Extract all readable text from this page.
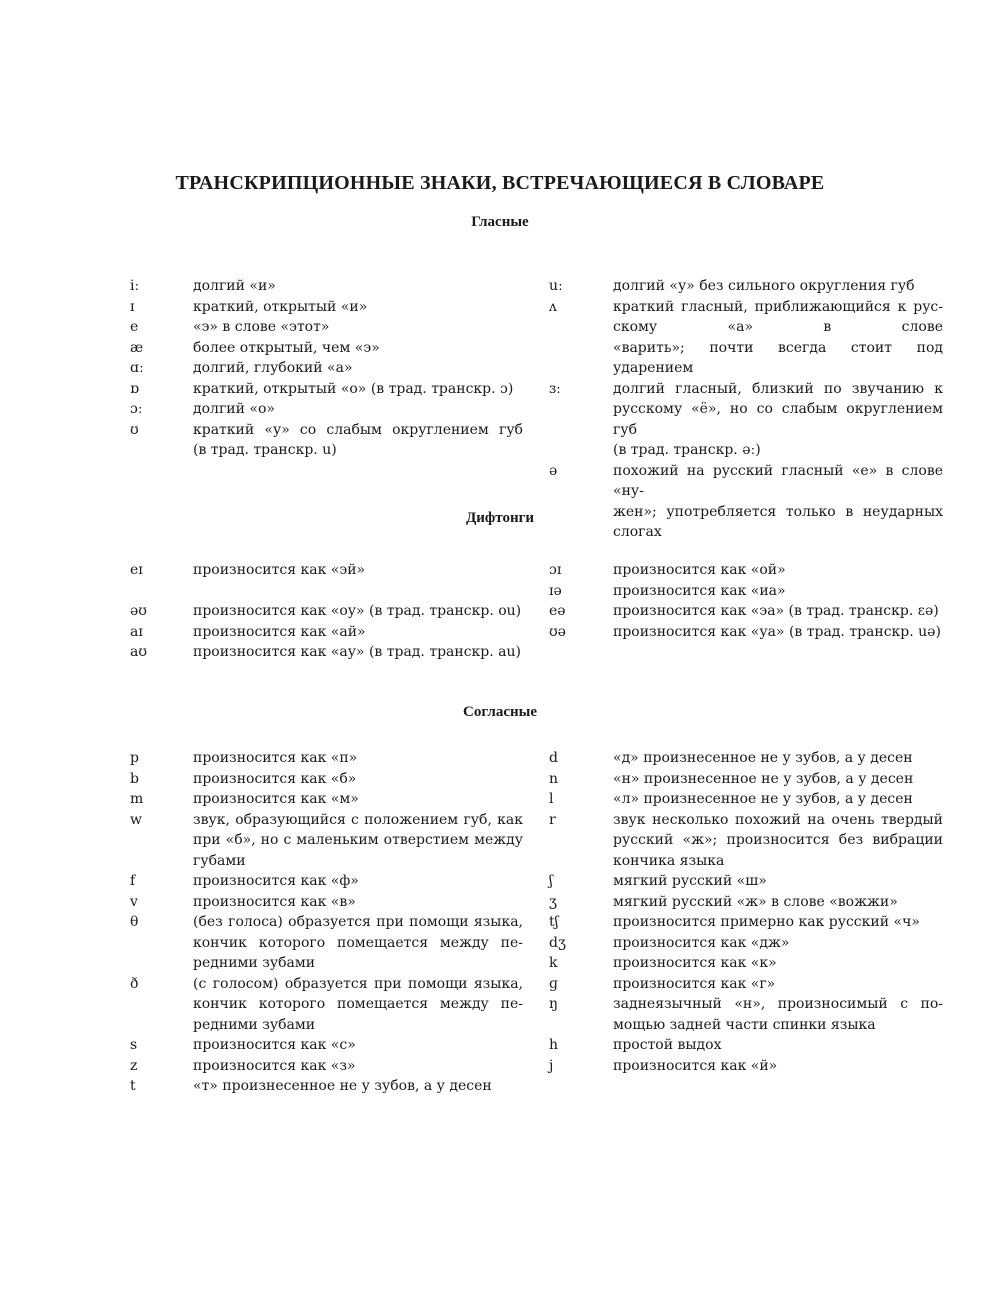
ТРАНСКРИПЦИОННЫЕ ЗНАКИ, ВСТРЕЧАЮЩИЕСЯ В СЛОВАРЕ
Гласные
iː	долгий «и»
ɪ	краткий, открытый «и»
e	«э» в слове «этот»
æ	более открытый, чем «э»
ɑː	долгий, глубокий «а»
ɒ	краткий, открытый «о» (в трад. транскр. ɔ)
ɔː	долгий «о»
ʊ	краткий «у» со слабым округлением губ
(в трад. транскр. u)
uː	долгий «у» без сильного округления губ
ʌ	краткий гласный, приближающийся к рус-
скому «а» в слове
«варить»; почти всегда стоит под ударением
ɜː	долгий гласный, близкий по звучанию к
русскому «ё», но со слабым округлением губ
(в трад. транскр. əː)
ə	похожий на русский гласный «е» в слове «ну-
жен»; употребляется только в неударных слогах
Дифтонги
eɪ	произносится как «эй»
əʊ	произносится как «оу» (в трад. транскр. ou)
aɪ	произносится как «ай»
aʊ	произносится как «ау» (в трад. транскр. au)
ɔɪ	произносится как «ой»
ɪə	произносится как «иа»
eə	произносится как «эа» (в трад. транскр. ɛə)
ʊə	произносится как «уа» (в трад. транскр. uə)
Согласные
p	произносится как «п»
b	произносится как «б»
m	произносится как «м»
w	звук, образующийся с положением губ, как
при «б», но с маленьким отверстием между
губами
f	произносится как «ф»
v	произносится как «в»
θ	(без голоса) образуется при помощи языка,
кончик которого помещается между пе-
редними зубами
ð	(с голосом) образуется при помощи языка,
кончик которого помещается между пе-
редними зубами
s	произносится как «с»
z	произносится как «з»
t	«т» произнесенное не у зубов, а у десен
d	«д» произнесенное не у зубов, а у десен
n	«н» произнесенное не у зубов, а у десен
l	«л» произнесенное не у зубов, а у десен
r	звук несколько похожий на очень твердый
русский «ж»; произносится без вибрации
кончика языка
ʃ	мягкий русский «ш»
ʒ	мягкий русский «ж» в слове «вожжи»
tʃ	произносится примерно как русский «ч»
dʒ	произносится как «дж»
k	произносится как «к»
ɡ	произносится как «г»
ŋ	заднеязычный «н», произносимый с по-
мощью задней части спинки языка
h	простой выдох
j	произносится как «й»
